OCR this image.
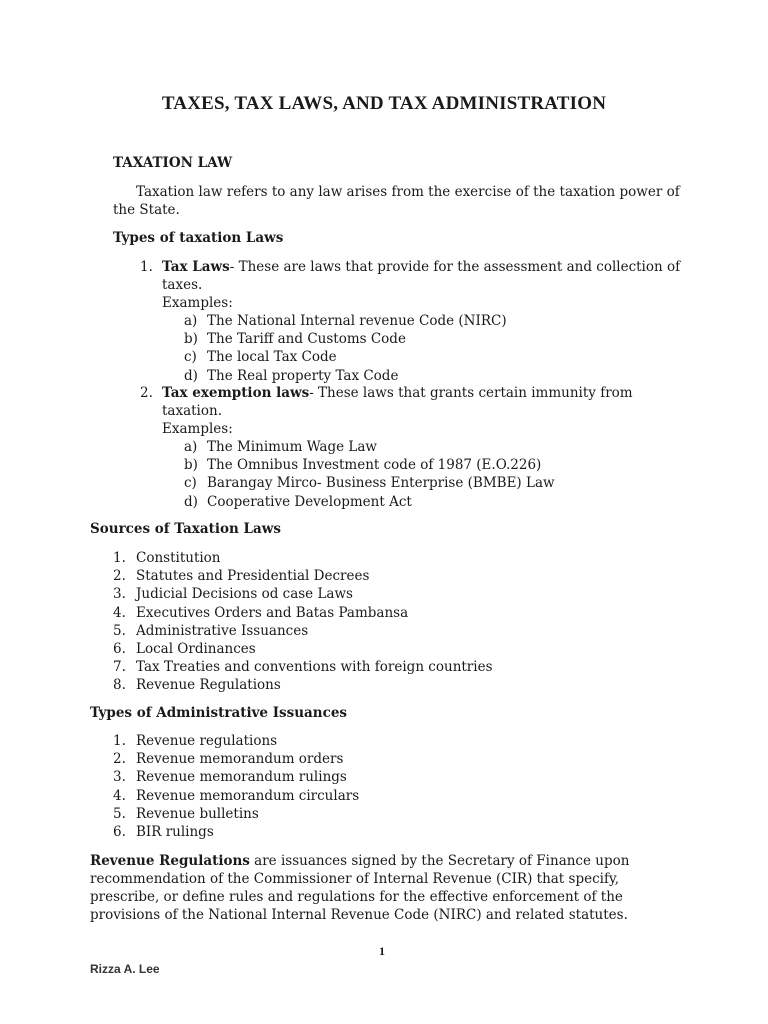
TAXES, TAX LAWS, AND TAX ADMINISTRATION
TAXATION LAW
Taxation law refers to any law arises from the exercise of the taxation power of
the State.
Types of taxation Laws
1. Tax Laws- These are laws that provide for the assessment and collection of
taxes.
Examples:
a) The National Internal revenue Code (NIRC)
b) The Tariff and Customs Code
c) The local Tax Code
d) The Real property Tax Code
2. Tax exemption laws- These laws that grants certain immunity from
taxation.
Examples:
a) The Minimum Wage Law
b) The Omnibus Investment code of 1987 (E.O.226)
c) Barangay Mirco- Business Enterprise (BMBE) Law
d) Cooperative Development Act
Sources of Taxation Laws
1. Constitution
2. Statutes and Presidential Decrees
3. Judicial Decisions od case Laws
4. Executives Orders and Batas Pambansa
5. Administrative Issuances
6. Local Ordinances
7. Tax Treaties and conventions with foreign countries
8. Revenue Regulations
Types of Administrative Issuances
1. Revenue regulations
2. Revenue memorandum orders
3. Revenue memorandum rulings
4. Revenue memorandum circulars
5. Revenue bulletins
6. BIR rulings
Revenue Regulations are issuances signed by the Secretary of Finance upon
recommendation of the Commissioner of Internal Revenue (CIR) that specify,
prescribe, or define rules and regulations for the effective enforcement of the
provisions of the National Internal Revenue Code (NIRC) and related statutes.
1
Rizza A. Lee
